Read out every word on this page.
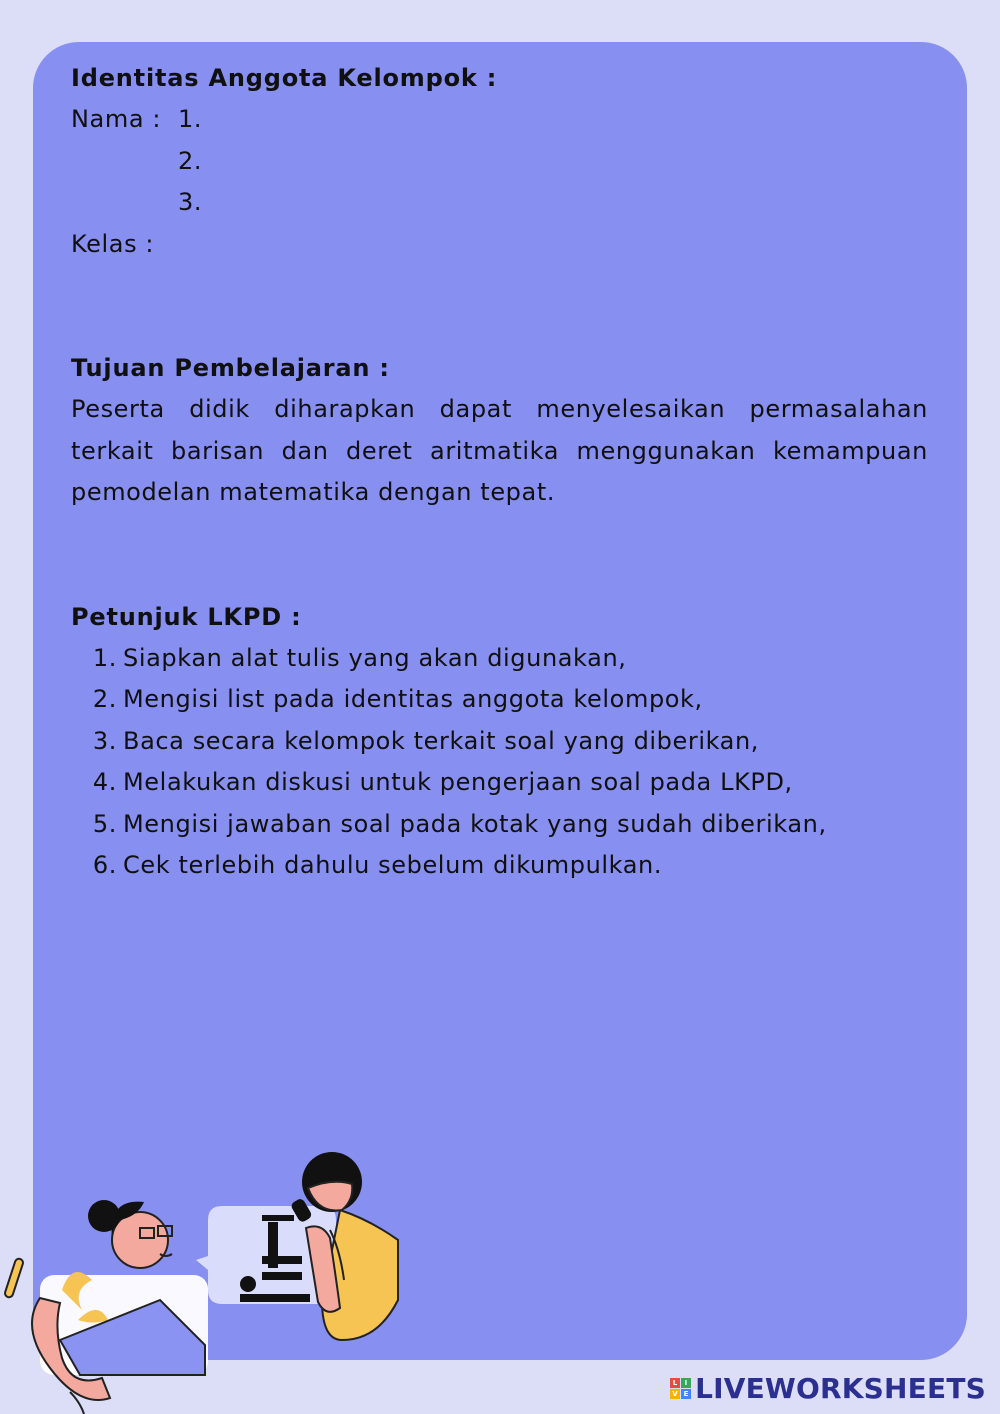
Identitas Anggota Kelompok :
Nama : 1.
2.
3.
Kelas :
Tujuan Pembelajaran :
Peserta didik diharapkan dapat menyelesaikan permasalahan terkait barisan dan deret aritmatika menggunakan kemampuan pemodelan matematika dengan tepat.
Petunjuk LKPD :
1. Siapkan alat tulis yang akan digunakan,
2. Mengisi list pada identitas anggota kelompok,
3. Baca secara kelompok terkait soal yang diberikan,
4. Melakukan diskusi untuk pengerjaan soal pada LKPD,
5. Mengisi jawaban soal pada kotak yang sudah diberikan,
6. Cek terlebih dahulu sebelum dikumpulkan.
L	I
V E LIVEWORKSHEETS
